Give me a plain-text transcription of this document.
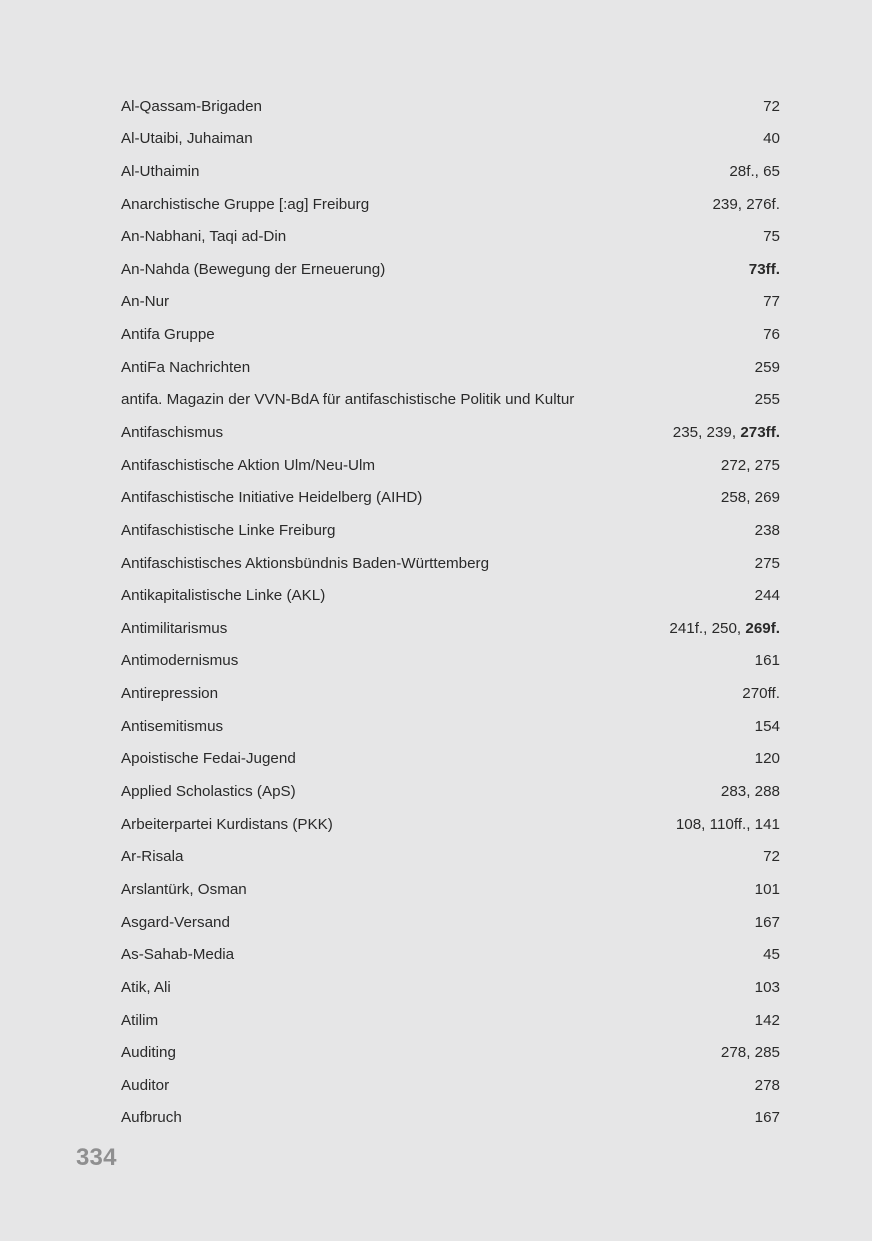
Al-Qassam-Brigaden	72
Al-Utaibi, Juhaiman	40
Al-Uthaimin	28f., 65
Anarchistische Gruppe [:ag] Freiburg	239, 276f.
An-Nabhani, Taqi ad-Din	75
An-Nahda (Bewegung der Erneuerung)	73ff.
An-Nur	77
Antifa Gruppe	76
AntiFa Nachrichten	259
antifa. Magazin der VVN-BdA für antifaschistische Politik und Kultur	255
Antifaschismus	235, 239, 273ff.
Antifaschistische Aktion Ulm/Neu-Ulm	272, 275
Antifaschistische Initiative Heidelberg (AIHD)	258, 269
Antifaschistische Linke Freiburg	238
Antifaschistisches Aktionsbündnis Baden-Württemberg	275
Antikapitalistische Linke (AKL)	244
Antimilitarismus	241f., 250, 269f.
Antimodernismus	161
Antirepression	270ff.
Antisemitismus	154
Apoistische Fedai-Jugend	120
Applied Scholastics (ApS)	283, 288
Arbeiterpartei Kurdistans (PKK)	108, 110ff., 141
Ar-Risala	72
Arslantürk, Osman	101
Asgard-Versand	167
As-Sahab-Media	45
Atik, Ali	103
Atilim	142
Auditing	278, 285
Auditor	278
Aufbruch	167
334
